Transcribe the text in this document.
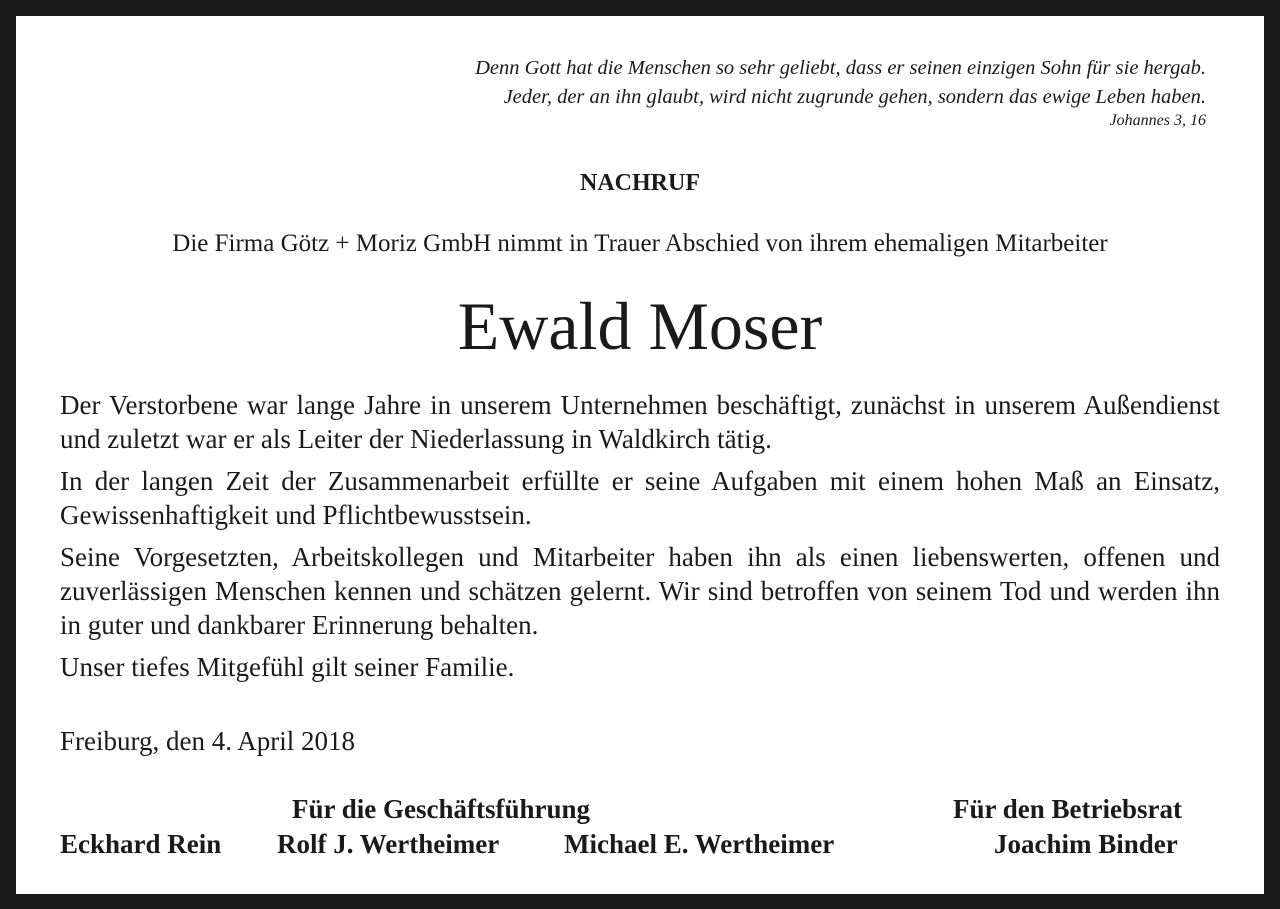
Denn Gott hat die Menschen so sehr geliebt, dass er seinen einzigen Sohn für sie hergab.
Jeder, der an ihn glaubt, wird nicht zugrunde gehen, sondern das ewige Leben haben.
Johannes 3, 16
NACHRUF
Die Firma Götz + Moriz GmbH nimmt in Trauer Abschied von ihrem ehemaligen Mitarbeiter
Ewald Moser

Der Verstorbene war lange Jahre in unserem Unternehmen beschäftigt, zunächst in unserem Außendienst und zuletzt war er als Leiter der Niederlassung in Waldkirch tätig.

In der langen Zeit der Zusammenarbeit erfüllte er seine Aufgaben mit einem hohen Maß an Einsatz, Gewissenhaftigkeit und Pflichtbewusstsein.

Seine Vorgesetzten, Arbeitskollegen und Mitarbeiter haben ihn als einen liebenswerten, offenen und zuverlässigen Menschen kennen und schätzen gelernt. Wir sind betroffen von seinem Tod und werden ihn in guter und dankbarer Erinnerung behalten.

Unser tiefes Mitgefühl gilt seiner Familie.

Freiburg, den 4. April 2018
Für die Geschäftsführung	Für den Betriebsrat
Eckhard Rein Rolf J. Wertheimer Michael E. Wertheimer	Joachim Binder
